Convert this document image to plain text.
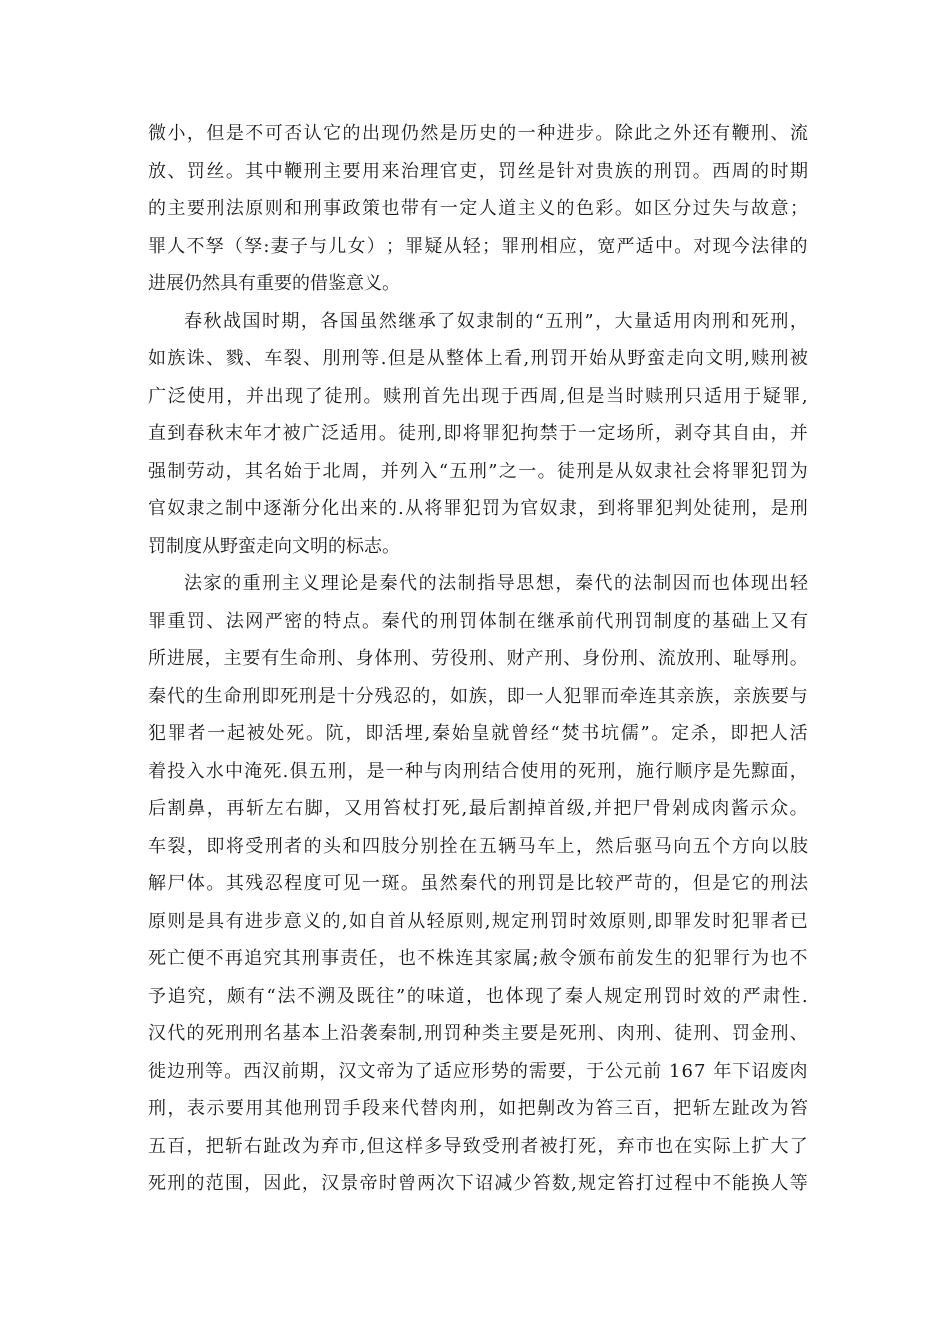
微 小 ， 但 是 不 可 否 认 它 的 出 现 仍 然 是 历 史 的 一 种 进 步 。 除 此 之 外 还 有 鞭 刑 、 流
放 、 罚 丝 。 其 中 鞭 刑 主 要 用 来 治 理 官 吏 ， 罚 丝 是 针 对 贵 族 的 刑 罚 。 西 周 的 时 期
的 主 要 刑 法 原 则 和 刑 事 政 策 也 带 有 一 定 人 道 主 义 的 色 彩 。 如 区 分 过 失 与 故 意 ；
罪 人 不 孥 （ 孥 : 妻 子 与 儿 女 ） ； 罪 疑 从 轻 ； 罪 刑 相 应 ， 宽 严 适 中 。 对 现 今 法 律 的
进展仍然具有重要的借鉴意义。
春 秋 战 国 时 期 ， 各 国 虽 然 继 承 了 奴 隶 制 的 “ 五 刑 ” ， 大 量 适 用 肉 刑 和 死 刑 ，
如 族 诛 、 戮 、 车 裂 、 刖 刑 等 . 但 是 从 整 体 上 看 , 刑 罚 开 始 从 野 蛮 走 向 文 明 , 赎 刑 被
广 泛 使 用 ， 并 出 现 了 徒 刑 。 赎 刑 首 先 出 现 于 西 周 , 但 是 当 时 赎 刑 只 适 用 于 疑 罪 ,
直 到 春 秋 末 年 才 被 广 泛 适 用 。 徒 刑 , 即 将 罪 犯 拘 禁 于 一 定 场 所 ， 剥 夺 其 自 由 ， 并
强 制 劳 动 ， 其 名 始 于 北 周 ， 并 列 入 “ 五 刑 ” 之 一 。 徒 刑 是 从 奴 隶 社 会 将 罪 犯 罚 为
官 奴 隶 之 制 中 逐 渐 分 化 出 来 的 . 从 将 罪 犯 罚 为 官 奴 隶 ， 到 将 罪 犯 判 处 徒 刑 ， 是 刑
罚制度从野蛮走向文明的标志。
法 家 的 重 刑 主 义 理 论 是 秦 代 的 法 制 指 导 思 想 ， 秦 代 的 法 制 因 而 也 体 现 出 轻
罪 重 罚 、 法 网 严 密 的 特 点 。 秦 代 的 刑 罚 体 制 在 继 承 前 代 刑 罚 制 度 的 基 础 上 又 有
所 进 展 ， 主 要 有 生 命 刑 、 身 体 刑 、 劳 役 刑 、 财 产 刑 、 身 份 刑 、 流 放 刑 、 耻 辱 刑 。
秦 代 的 生 命 刑 即 死 刑 是 十 分 残 忍 的 ， 如 族 ， 即 一 人 犯 罪 而 牵 连 其 亲 族 ， 亲 族 要 与
犯 罪 者 一 起 被 处 死 。 阬 ， 即 活 埋 , 秦 始 皇 就 曾 经 “ 焚 书 坑 儒 ” 。 定 杀 ， 即 把 人 活
着 投 入 水 中 淹 死 . 俱 五 刑 ， 是 一 种 与 肉 刑 结 合 使 用 的 死 刑 ， 施 行 顺 序 是 先 黥 面 ，
后 割 鼻 ， 再 斩 左 右 脚 ， 又 用 笞 杖 打 死 , 最 后 割 掉 首 级 , 并 把 尸 骨 剁 成 肉 酱 示 众 。
车 裂 ， 即 将 受 刑 者 的 头 和 四 肢 分 别 拴 在 五 辆 马 车 上 ， 然 后 驱 马 向 五 个 方 向 以 肢
解 尸 体 。 其 残 忍 程 度 可 见 一 斑 。 虽 然 秦 代 的 刑 罚 是 比 较 严 苛 的 ， 但 是 它 的 刑 法
原 则 是 具 有 进 步 意 义 的 , 如 自 首 从 轻 原 则 , 规 定 刑 罚 时 效 原 则 , 即 罪 发 时 犯 罪 者 已
死 亡 便 不 再 追 究 其 刑 事 责 任 ， 也 不 株 连 其 家 属 ; 赦 令 颁 布 前 发 生 的 犯 罪 行 为 也 不
予 追 究 ， 颇 有 “ 法 不 溯 及 既 往 ” 的 味 道 ， 也 体 现 了 秦 人 规 定 刑 罚 时 效 的 严 肃 性 .
汉 代 的 死 刑 刑 名 基 本 上 沿 袭 秦 制 , 刑 罚 种 类 主 要 是 死 刑 、 肉 刑 、 徒 刑 、 罚 金 刑 、
徙 边 刑 等 。 西 汉 前 期 ， 汉 文 帝 为 了 适 应 形 势 的 需 要 ， 于 公 元 前
1 6 7
年 下 诏 废 肉
刑 ， 表 示 要 用 其 他 刑 罚 手 段 来 代 替 肉 刑 ， 如 把 劓 改 为 笞 三 百 ， 把 斩 左 趾 改 为 笞
五 百 ， 把 斩 右 趾 改 为 弃 市 , 但 这 样 多 导 致 受 刑 者 被 打 死 ， 弃 市 也 在 实 际 上 扩 大 了
死 刑 的 范 围 ， 因 此 ， 汉 景 帝 时 曾 两 次 下 诏 减 少 笞 数 , 规 定 笞 打 过 程 中 不 能 换 人 等
